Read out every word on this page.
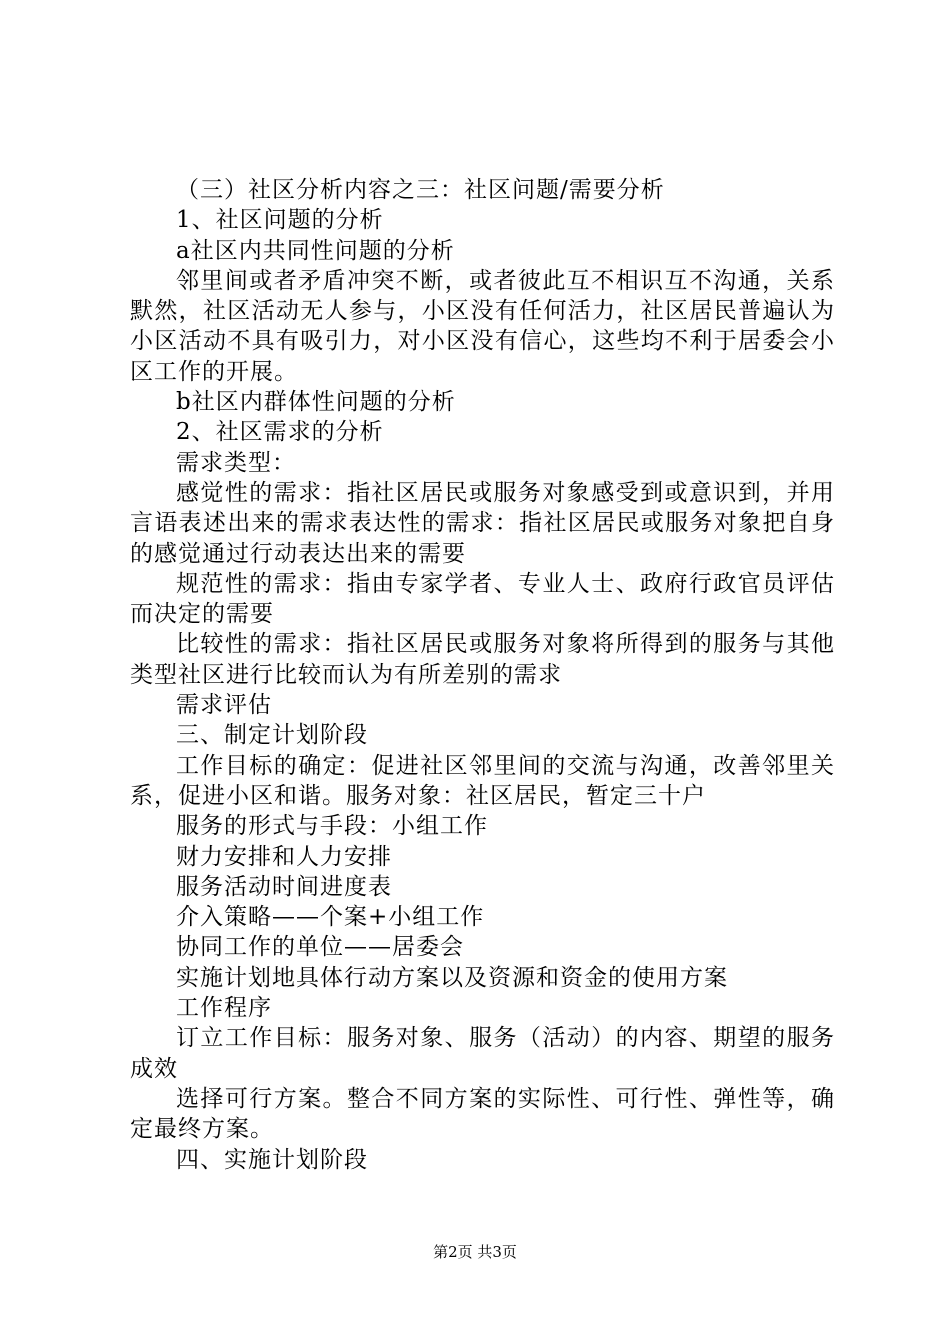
（三）社区分析内容之三：社区问题/需要分析

1、社区问题的分析

a社区内共同性问题的分析

邻里间或者矛盾冲突不断，或者彼此互不相识互不沟通，关系默然，社区活动无人参与，小区没有任何活力，社区居民普遍认为小区活动不具有吸引力，对小区没有信心，这些均不利于居委会小区工作的开展。

b社区内群体性问题的分析

2、社区需求的分析

需求类型：

感觉性的需求：指社区居民或服务对象感受到或意识到，并用言语表述出来的需求表达性的需求：指社区居民或服务对象把自身的感觉通过行动表达出来的需要

规范性的需求：指由专家学者、专业人士、政府行政官员评估而决定的需要

比较性的需求：指社区居民或服务对象将所得到的服务与其他类型社区进行比较而认为有所差别的需求

需求评估

三、制定计划阶段

工作目标的确定：促进社区邻里间的交流与沟通，改善邻里关系，促进小区和谐。服务对象：社区居民，暂定三十户

服务的形式与手段：小组工作

财力安排和人力安排

服务活动时间进度表

介入策略——个案+小组工作

协同工作的单位——居委会

实施计划地具体行动方案以及资源和资金的使用方案

工作程序

订立工作目标：服务对象、服务（活动）的内容、期望的服务成效

选择可行方案。整合不同方案的实际性、可行性、弹性等，确定最终方案。

四、实施计划阶段

第2页 共3页
